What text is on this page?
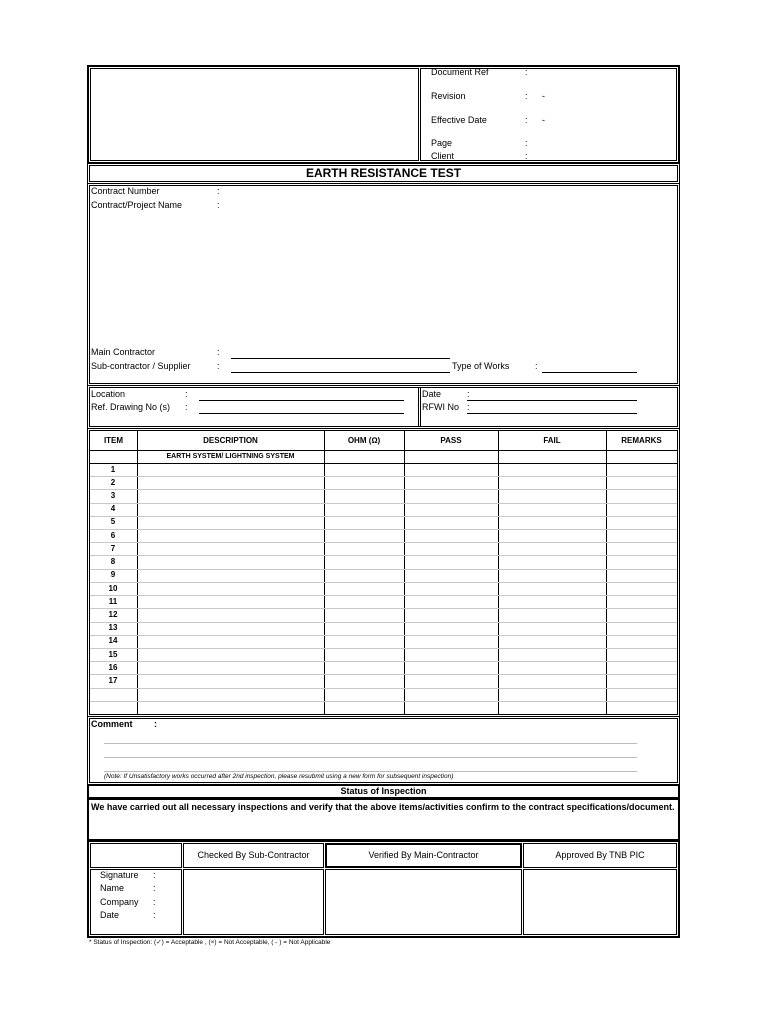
Document Ref	:
Revision	: -
Effective Date	: -
Page	:
Client	:
EARTH RESISTANCE TEST
Contract Number	:
Contract/Project Name	:
Main Contractor	:
Sub-contractor / Supplier	:	Type of Works	:
Location	:
Ref. Drawing No (s) :
Date	:
RFWI No :
ITEM	DESCRIPTION	OHM (Ω)	PASS	FAIL	REMARKS
EARTH SYSTEM/ LIGHTNING SYSTEM
1
2
3
4
5
6
7
8
9
10
11
12
13
14
15
16
17
Comment :
(Note: If Unsatisfactory works occurred after 2nd inspection, please resubmit using a new form for subsequent inspection)
Status of Inspection
We have carried out all necessary inspections and verify that the above items/activities confirm to the contract specifications/document.
Checked By Sub-Contractor	Verified By Main-Contractor	Approved By TNB PIC
Signature :
Name	:
Company :
Date	:
* Status of Inspection: (✓) = Acceptable , (×) = Not Acceptable, ( - ) = Not Applicable
